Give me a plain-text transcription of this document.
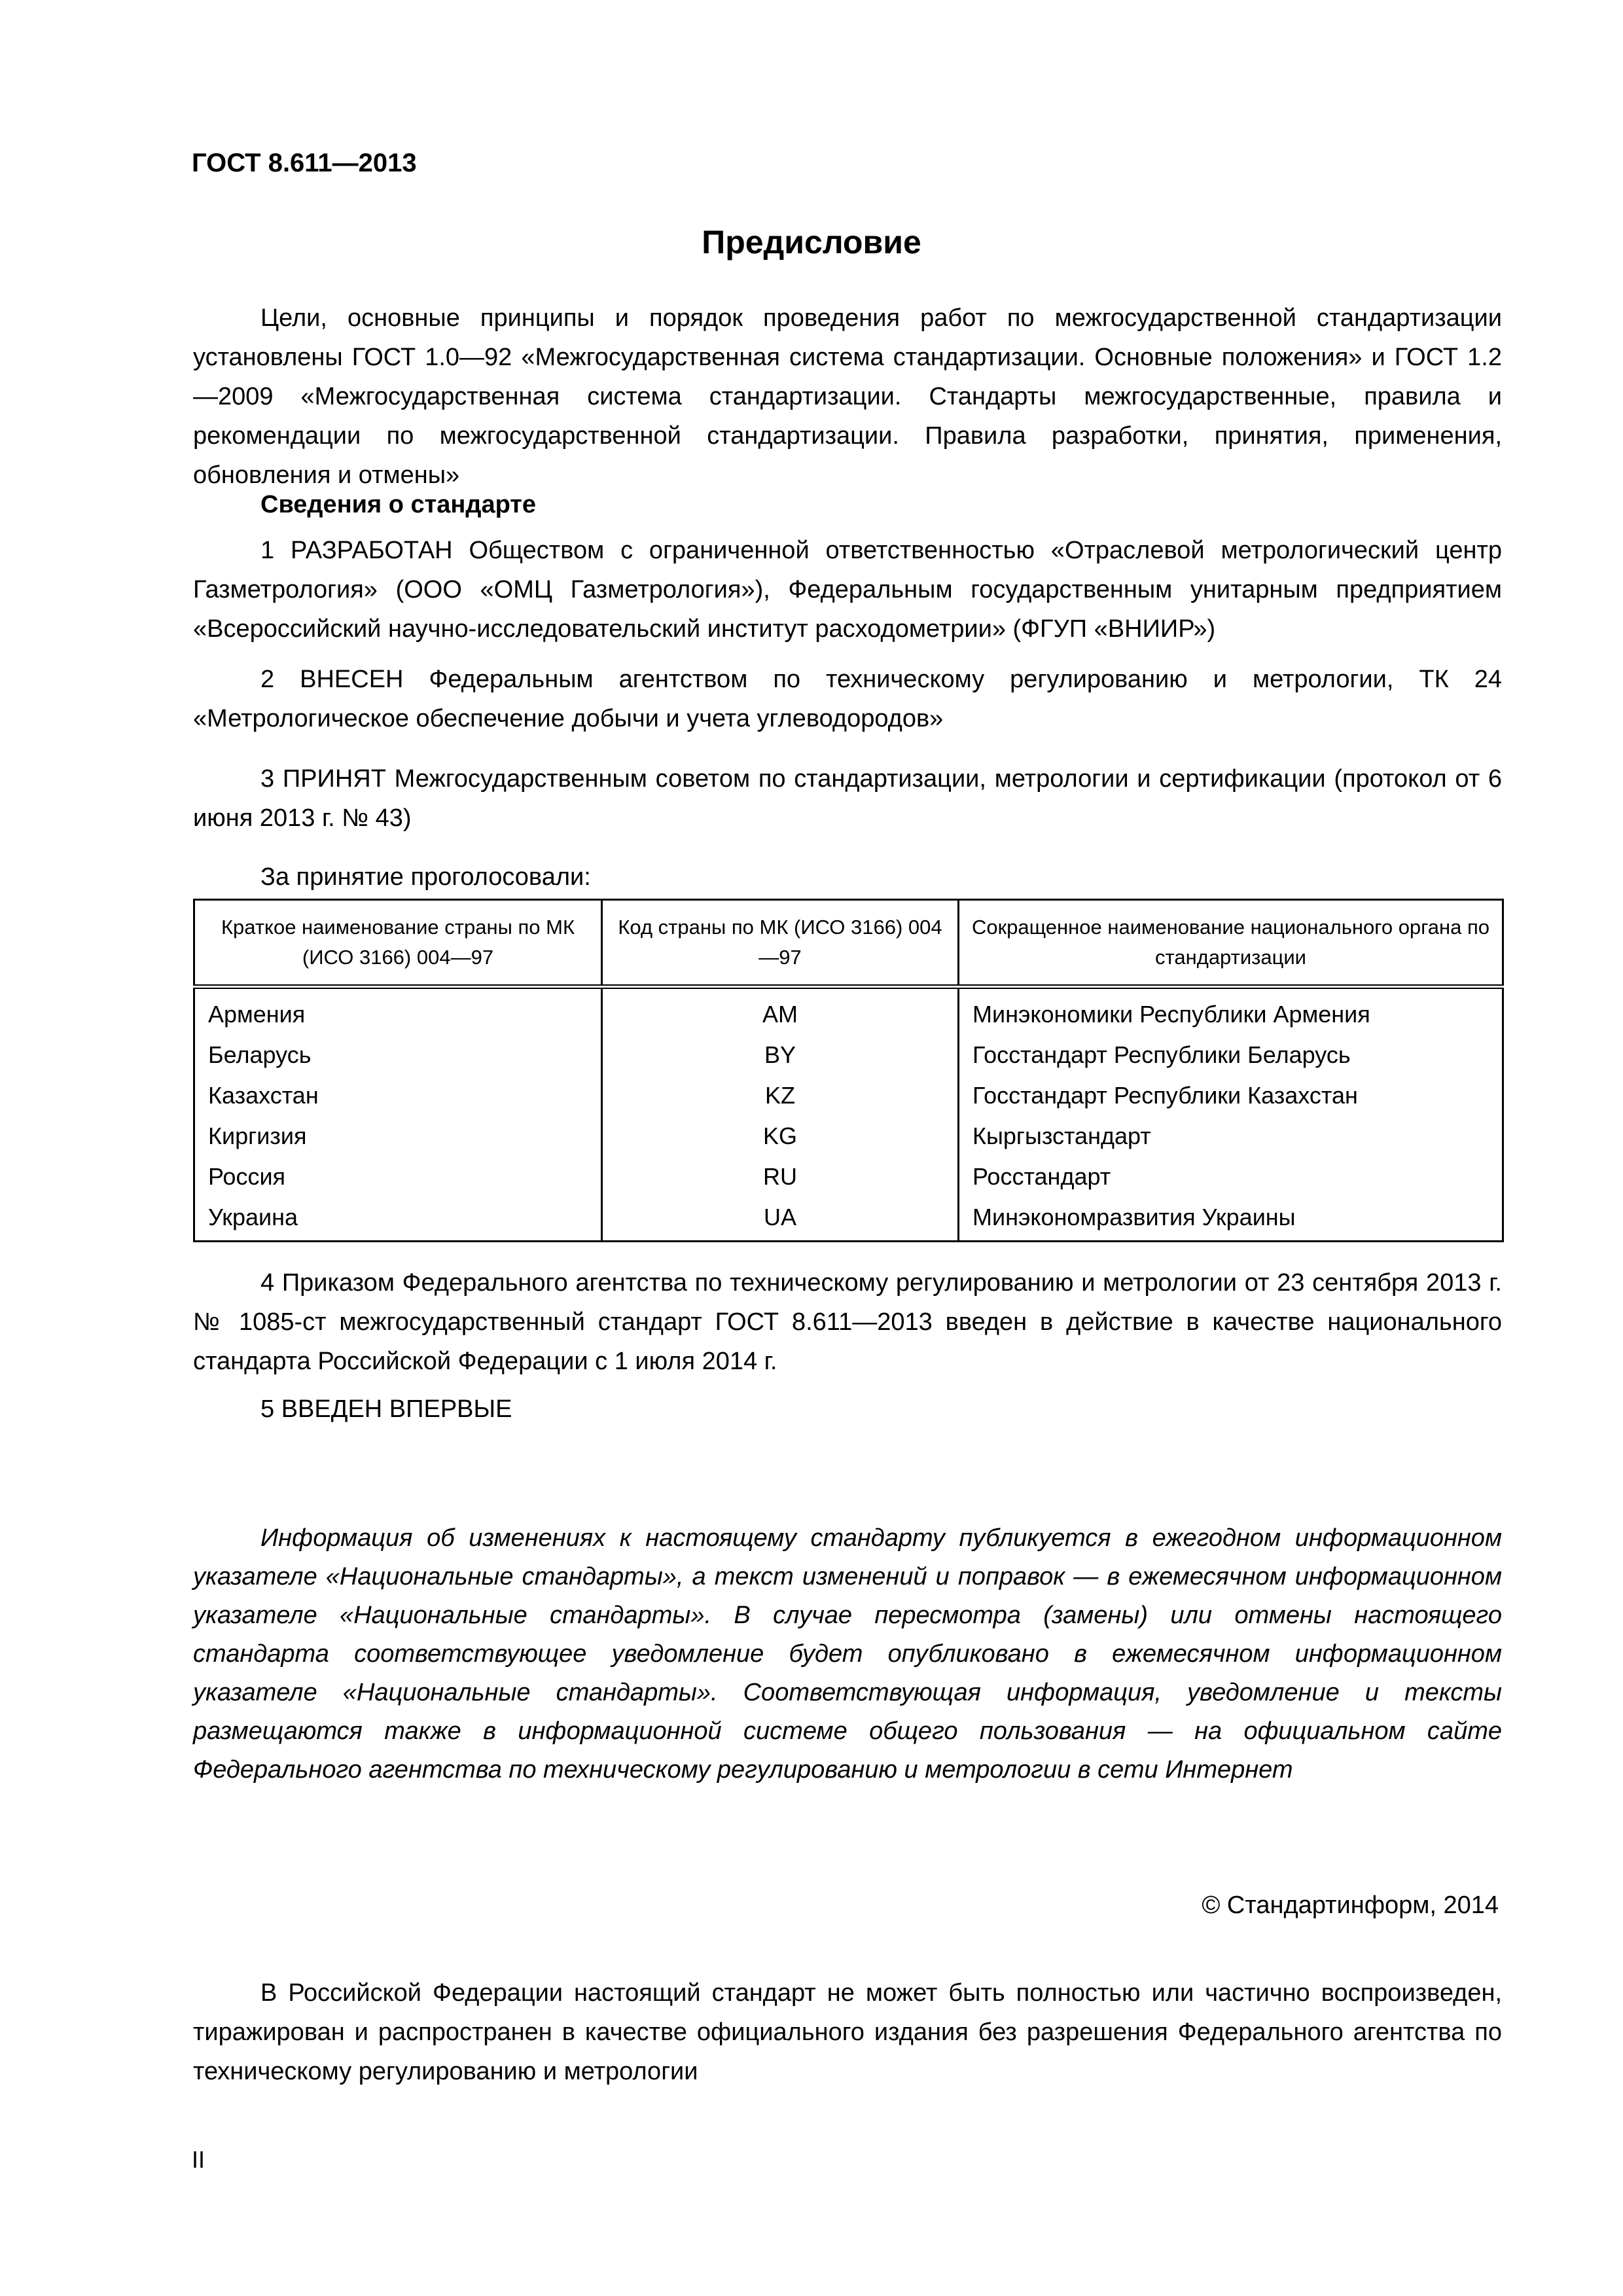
ГОСТ 8.611—2013

Предисловие

Цели, основные принципы и порядок проведения работ по межгосударственной стандартизации установлены ГОСТ 1.0—92 «Межгосударственная система стандартизации. Основные положения» и ГОСТ 1.2—2009 «Межгосударственная система стандартизации. Стандарты межгосударственные, правила и рекомендации по межгосударственной стандартизации. Правила разработки, принятия, применения, обновления и отмены»

Сведения о стандарте

1 РАЗРАБОТАН Обществом с ограниченной ответственностью «Отраслевой метрологический центр Газметрология» (ООО «ОМЦ Газметрология»), Федеральным государственным унитарным предприятием «Всероссийский научно-исследовательский институт расходометрии» (ФГУП «ВНИИР»)

2 ВНЕСЕН Федеральным агентством по техническому регулированию и метрологии, ТК 24 «Метрологическое обеспечение добычи и учета углеводородов»

3 ПРИНЯТ Межгосударственным советом по стандартизации, метрологии и сертификации (протокол от 6 июня 2013 г. № 43)

За принятие проголосовали:

Краткое наименование страны по МК (ИСО 3166) 004—97	Код страны по МК (ИСО 3166) 004—97	Сокращенное наименование национального органа по стандартизации
Армения	AM	Минэкономики Республики Армения
Беларусь	BY	Госстандарт Республики Беларусь
Казахстан	KZ	Госстандарт Республики Казахстан
Киргизия	KG	Кыргызстандарт
Россия	RU	Росстандарт
Украина	UA	Минэкономразвития Украины

4 Приказом Федерального агентства по техническому регулированию и метрологии от 23 сентября 2013 г. № 1085-ст межгосударственный стандарт ГОСТ 8.611—2013 введен в действие в качестве национального стандарта Российской Федерации с 1 июля 2014 г.

5 ВВЕДЕН ВПЕРВЫЕ

Информация об изменениях к настоящему стандарту публикуется в ежегодном информационном указателе «Национальные стандарты», а текст изменений и поправок — в ежемесячном информационном указателе «Национальные стандарты». В случае пересмотра (замены) или отмены настоящего стандарта соответствующее уведомление будет опубликовано в ежемесячном информационном указателе «Национальные стандарты». Соответствующая информация, уведомление и тексты размещаются также в информационной системе общего пользования — на официальном сайте Федерального агентства по техническому регулированию и метрологии в сети Интернет

© Стандартинформ, 2014

В Российской Федерации настоящий стандарт не может быть полностью или частично воспроизведен, тиражирован и распространен в качестве официального издания без разрешения Федерального агентства по техническому регулированию и метрологии

II
